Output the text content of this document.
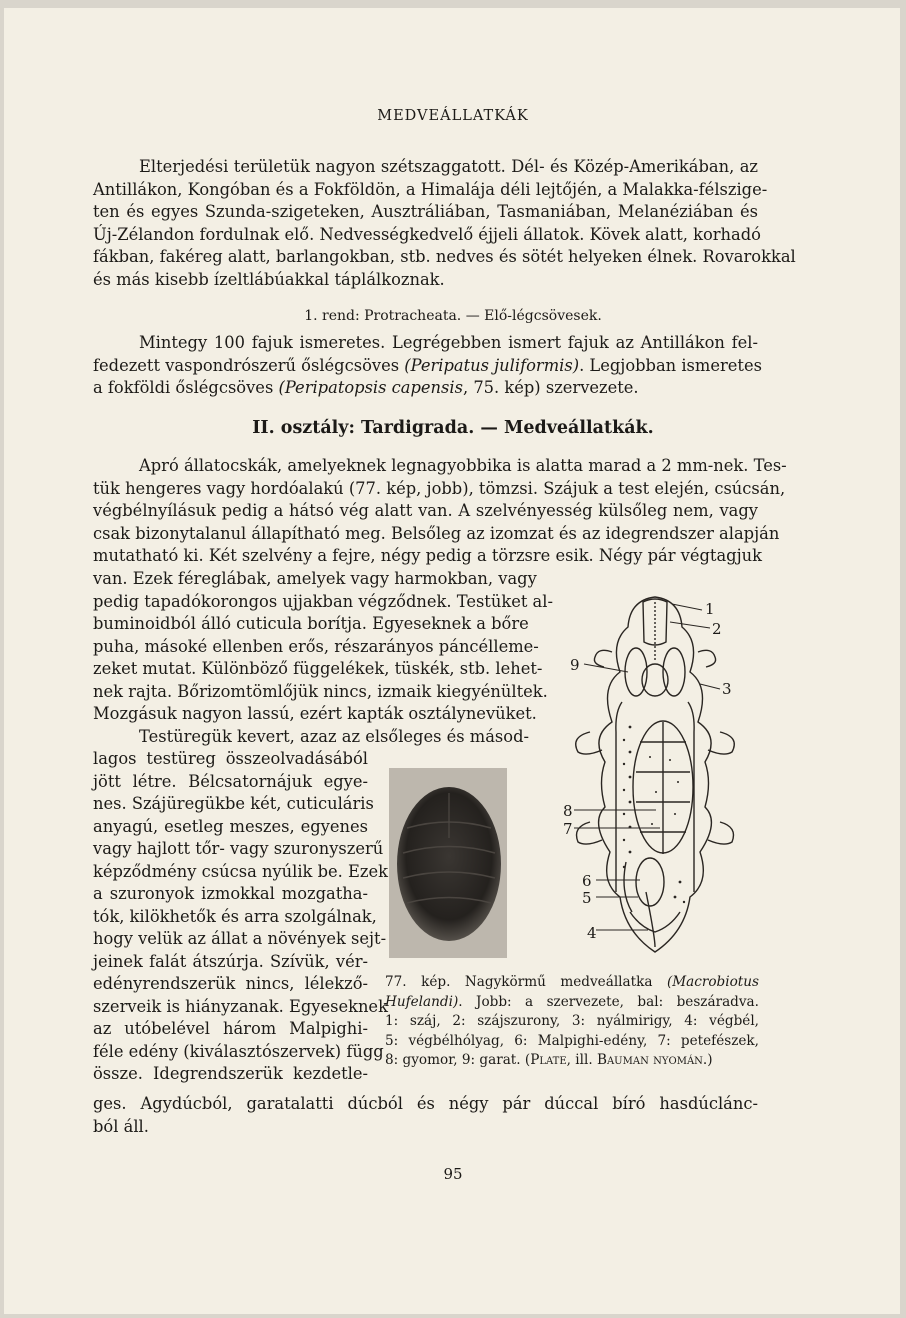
MEDVEÁLLATKÁK

Elterjedési területük nagyon szétszaggatott. Dél- és Közép-Amerikában, az

Antillákon, Kongóban és a Fokföldön, a Himalája déli lejtőjén, a Malakka-félszige-

ten és egyes Szunda-szigeteken, Ausztráliában, Tasmaniában, Melanéziában és

Új-Zélandon fordulnak elő. Nedvességkedvelő éjjeli állatok. Kövek alatt, korhadó

fákban, fakéreg alatt, barlangokban, stb. nedves és sötét helyeken élnek. Rovarokkal

és más kisebb ízeltlábúakkal táplálkoznak.

1. rend: Protracheata. — Elő-légcsövesek.

Mintegy 100 fajuk ismeretes. Legrégebben ismert fajuk az Antillákon fel-

fedezett vaspondrószerű őslégcsöves (Peripatus juliformis). Legjobban ismeretes

a fokföldi őslégcsöves (Peripatopsis capensis, 75. kép) szervezete.

II. osztály: Tardigrada. — Medveállatkák.

Apró állatocskák, amelyeknek legnagyobbika is alatta marad a 2 mm-nek. Tes-

tük hengeres vagy hordóalakú (77. kép, jobb), tömzsi. Szájuk a test elején, csúcsán,

végbélnyílásuk pedig a hátsó vég alatt van. A szelvényesség külsőleg nem, vagy

csak bizonytalanul állapítható meg. Belsőleg az izomzat és az idegrendszer alapján

mutatható ki. Két szelvény a fejre, négy pedig a törzsre esik. Négy pár végtagjuk

van. Ezek féreglábak, amelyek vagy harmokban, vagy

pedig tapadókorongos ujjakban végződnek. Testüket al-

buminoidból álló cuticula borítja. Egyeseknek a bőre

puha, másoké ellenben erős, részarányos páncélleme-

zeket mutat. Különböző függelékek, tüskék, stb. lehet-

nek rajta. Bőrizomtömlőjük nincs, izmaik kiegyénültek.

Mozgásuk nagyon lassú, ezért kapták osztálynevüket.

Testüregük kevert, azaz az elsőleges és másod-

lagos testüreg összeolvadásából

jött létre. Bélcsatornájuk egye-

nes. Szájüregükbe két, cuticuláris

anyagú, esetleg meszes, egyenes

vagy hajlott tőr- vagy szuronyszerű

képződmény csúcsa nyúlik be. Ezek

a szuronyok izmokkal mozgatha-

tók, kilökhetők és arra szolgálnak,

hogy velük az állat a növények sejt-

jeinek falát átszúrja. Szívük, vér-

edényrendszerük nincs, lélekző-

szerveik is hiányzanak. Egyeseknek

az utóbelével három Malpighi-

féle edény (kiválasztószervek) függ

össze. Idegrendszerük kezdetle-

ges. Agydúcból, garatalatti dúcból és négy pár dúccal bíró hasdúclánc-

ból áll.

1
2
3
4
5
6
7
8
9

77. kép. Nagykörmű medveállatka (Macrobiotus

Hufelandi). Jobb: a szervezete, bal: beszáradva.

1: száj, 2: szájszurony, 3: nyálmirigy, 4: végbél,

5: végbélhólyag, 6: Malpighi-edény, 7: petefészek,

8: gyomor, 9: garat. (Plate, ill. Bauman nyomán.)

95
